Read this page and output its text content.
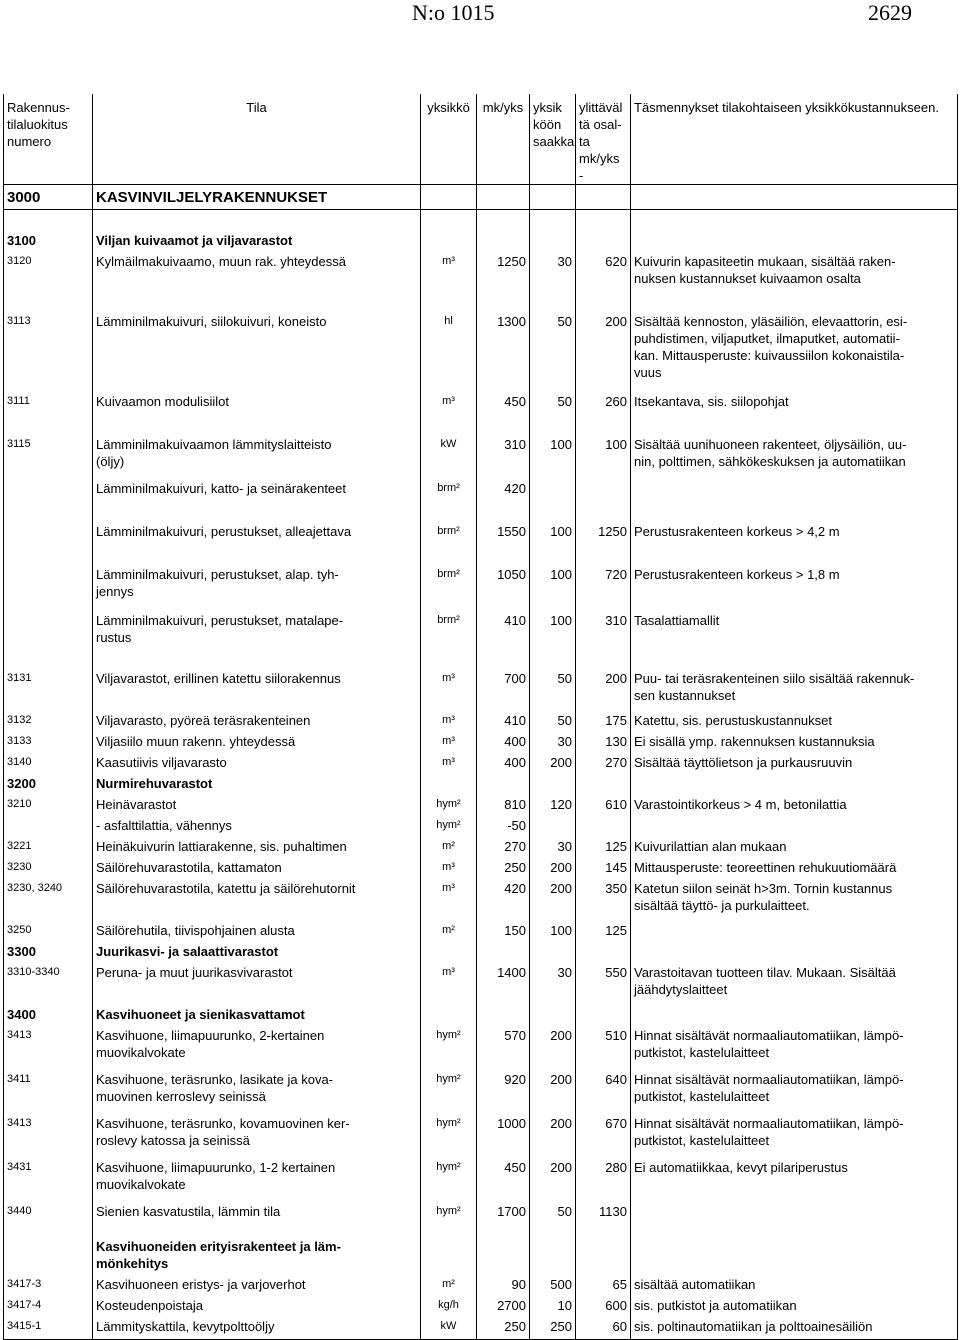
N:o 1015	2629
Rakennus-
tilaluokitus
numero	Tila	yksikkö	mk/yks	yksik
köön
saakka	ylittäväl
tä osal-
ta
mk/yks -	Täsmennykset tilakohtaiseen yksikkökustannukseen.
3000	KASVINVILJELYRAKENNUKSET					

3100	Viljan kuivaamot ja viljavarastot					
3120	Kylmäilmakuivaamo, muun rak. yhteydessä	m³	1250	30	620	Kuivurin kapasiteetin mukaan, sisältää raken-
nuksen kustannukset kuivaamon osalta

3113	Lämminilmakuivuri, siilokuivuri, koneisto	hl	1300	50	200	Sisältää kennoston, yläsäiliön, elevaattorin, esi-
puhdistimen, viljaputket, ilmaputket, automatii-
kan. Mittausperuste: kuivaussiilon kokonaistila-
vuus

3111	Kuivaamon modulisiilot	m³	450	50	260	Itsekantava, sis. siilopohjat

3115	Lämminilmakuivaamon lämmityslaitteisto
(öljy)	kW	310	100	100	Sisältää uunihuoneen rakenteet, öljysäiliön, uu-
nin, polttimen, sähkökeskuksen ja automatiikan

	Lämminilmakuivuri, katto- ja seinärakenteet	brm²	420			

	Lämminilmakuivuri, perustukset, alleajettava	brm²	1550	100	1250	Perustusrakenteen korkeus > 4,2 m

	Lämminilmakuivuri, perustukset, alap. tyh-
jennys	brm²	1050	100	720	Perustusrakenteen korkeus > 1,8 m

	Lämminilmakuivuri, perustukset, matalape-
rustus	brm²	410	100	310	Tasalattiamallit

3131	Viljavarastot, erillinen katettu siilorakennus	m³	700	50	200	Puu- tai teräsrakenteinen siilo sisältää rakennuk-
sen kustannukset

3132	Viljavarasto, pyöreä teräsrakenteinen	m³	410	50	175	Katettu, sis. perustuskustannukset
3133	Viljasiilo muun rakenn. yhteydessä	m³	400	30	130	Ei sisällä ymp. rakennuksen kustannuksia
3140	Kaasutiivis viljavarasto	m³	400	200	270	Sisältää täyttölietson ja purkausruuvin
3200	Nurmirehuvarastot					
3210	Heinävarastot	hym²	810	120	610	Varastointikorkeus > 4 m, betonilattia
	- asfalttilattia, vähennys	hym²	-50			
3221	Heinäkuivurin lattiarakenne, sis. puhaltimen	m²	270	30	125	Kuivurilattian alan mukaan
3230	Säilörehuvarastotila, kattamaton	m³	250	200	145	Mittausperuste: teoreettinen rehukuutiomäärä
3230, 3240	Säilörehuvarastotila, katettu ja säilörehutornit	m³	420	200	350	Katetun siilon seinät h>3m. Tornin kustannus
sisältää täyttö- ja purkulaitteet.

3250	Säilörehutila, tiivispohjainen alusta	m²	150	100	125	
3300	Juurikasvi- ja salaattivarastot					
3310-3340	Peruna- ja muut juurikasvivarastot	m³	1400	30	550	Varastoitavan tuotteen tilav. Mukaan. Sisältää
jäähdytyslaitteet

3400	Kasvihuoneet ja sienikasvattamot					
3413	Kasvihuone, liimapuurunko, 2-kertainen
muovikalvokate	hym²	570	200	510	Hinnat sisältävät normaaliautomatiikan, lämpö-
putkistot, kastelulaitteet

3411	Kasvihuone, teräsrunko, lasikate ja kova-
muovinen kerroslevy seinissä	hym²	920	200	640	Hinnat sisältävät normaaliautomatiikan, lämpö-
putkistot, kastelulaitteet

3413	Kasvihuone, teräsrunko, kovamuovinen ker-
roslevy katossa ja seinissä	hym²	1000	200	670	Hinnat sisältävät normaaliautomatiikan, lämpö-
putkistot, kastelulaitteet

3431	Kasvihuone, liimapuurunko, 1-2 kertainen
muovikalvokate	hym²	450	200	280	Ei automatiikkaa, kevyt pilariperustus

3440	Sienien kasvatustila, lämmin tila	hym²	1700	50	1130	

	Kasvihuoneiden erityisrakenteet ja läm-
mönkehitys					
3417-3	Kasvihuoneen eristys- ja varjoverhot	m²	90	500	65	sisältää automatiikan
3417-4	Kosteudenpoistaja	kg/h	2700	10	600	sis. putkistot ja automatiikan
3415-1	Lämmityskattila, kevytpolttoöljy	kW	250	250	60	sis. poltinautomatiikan ja polttoainesäiliön
